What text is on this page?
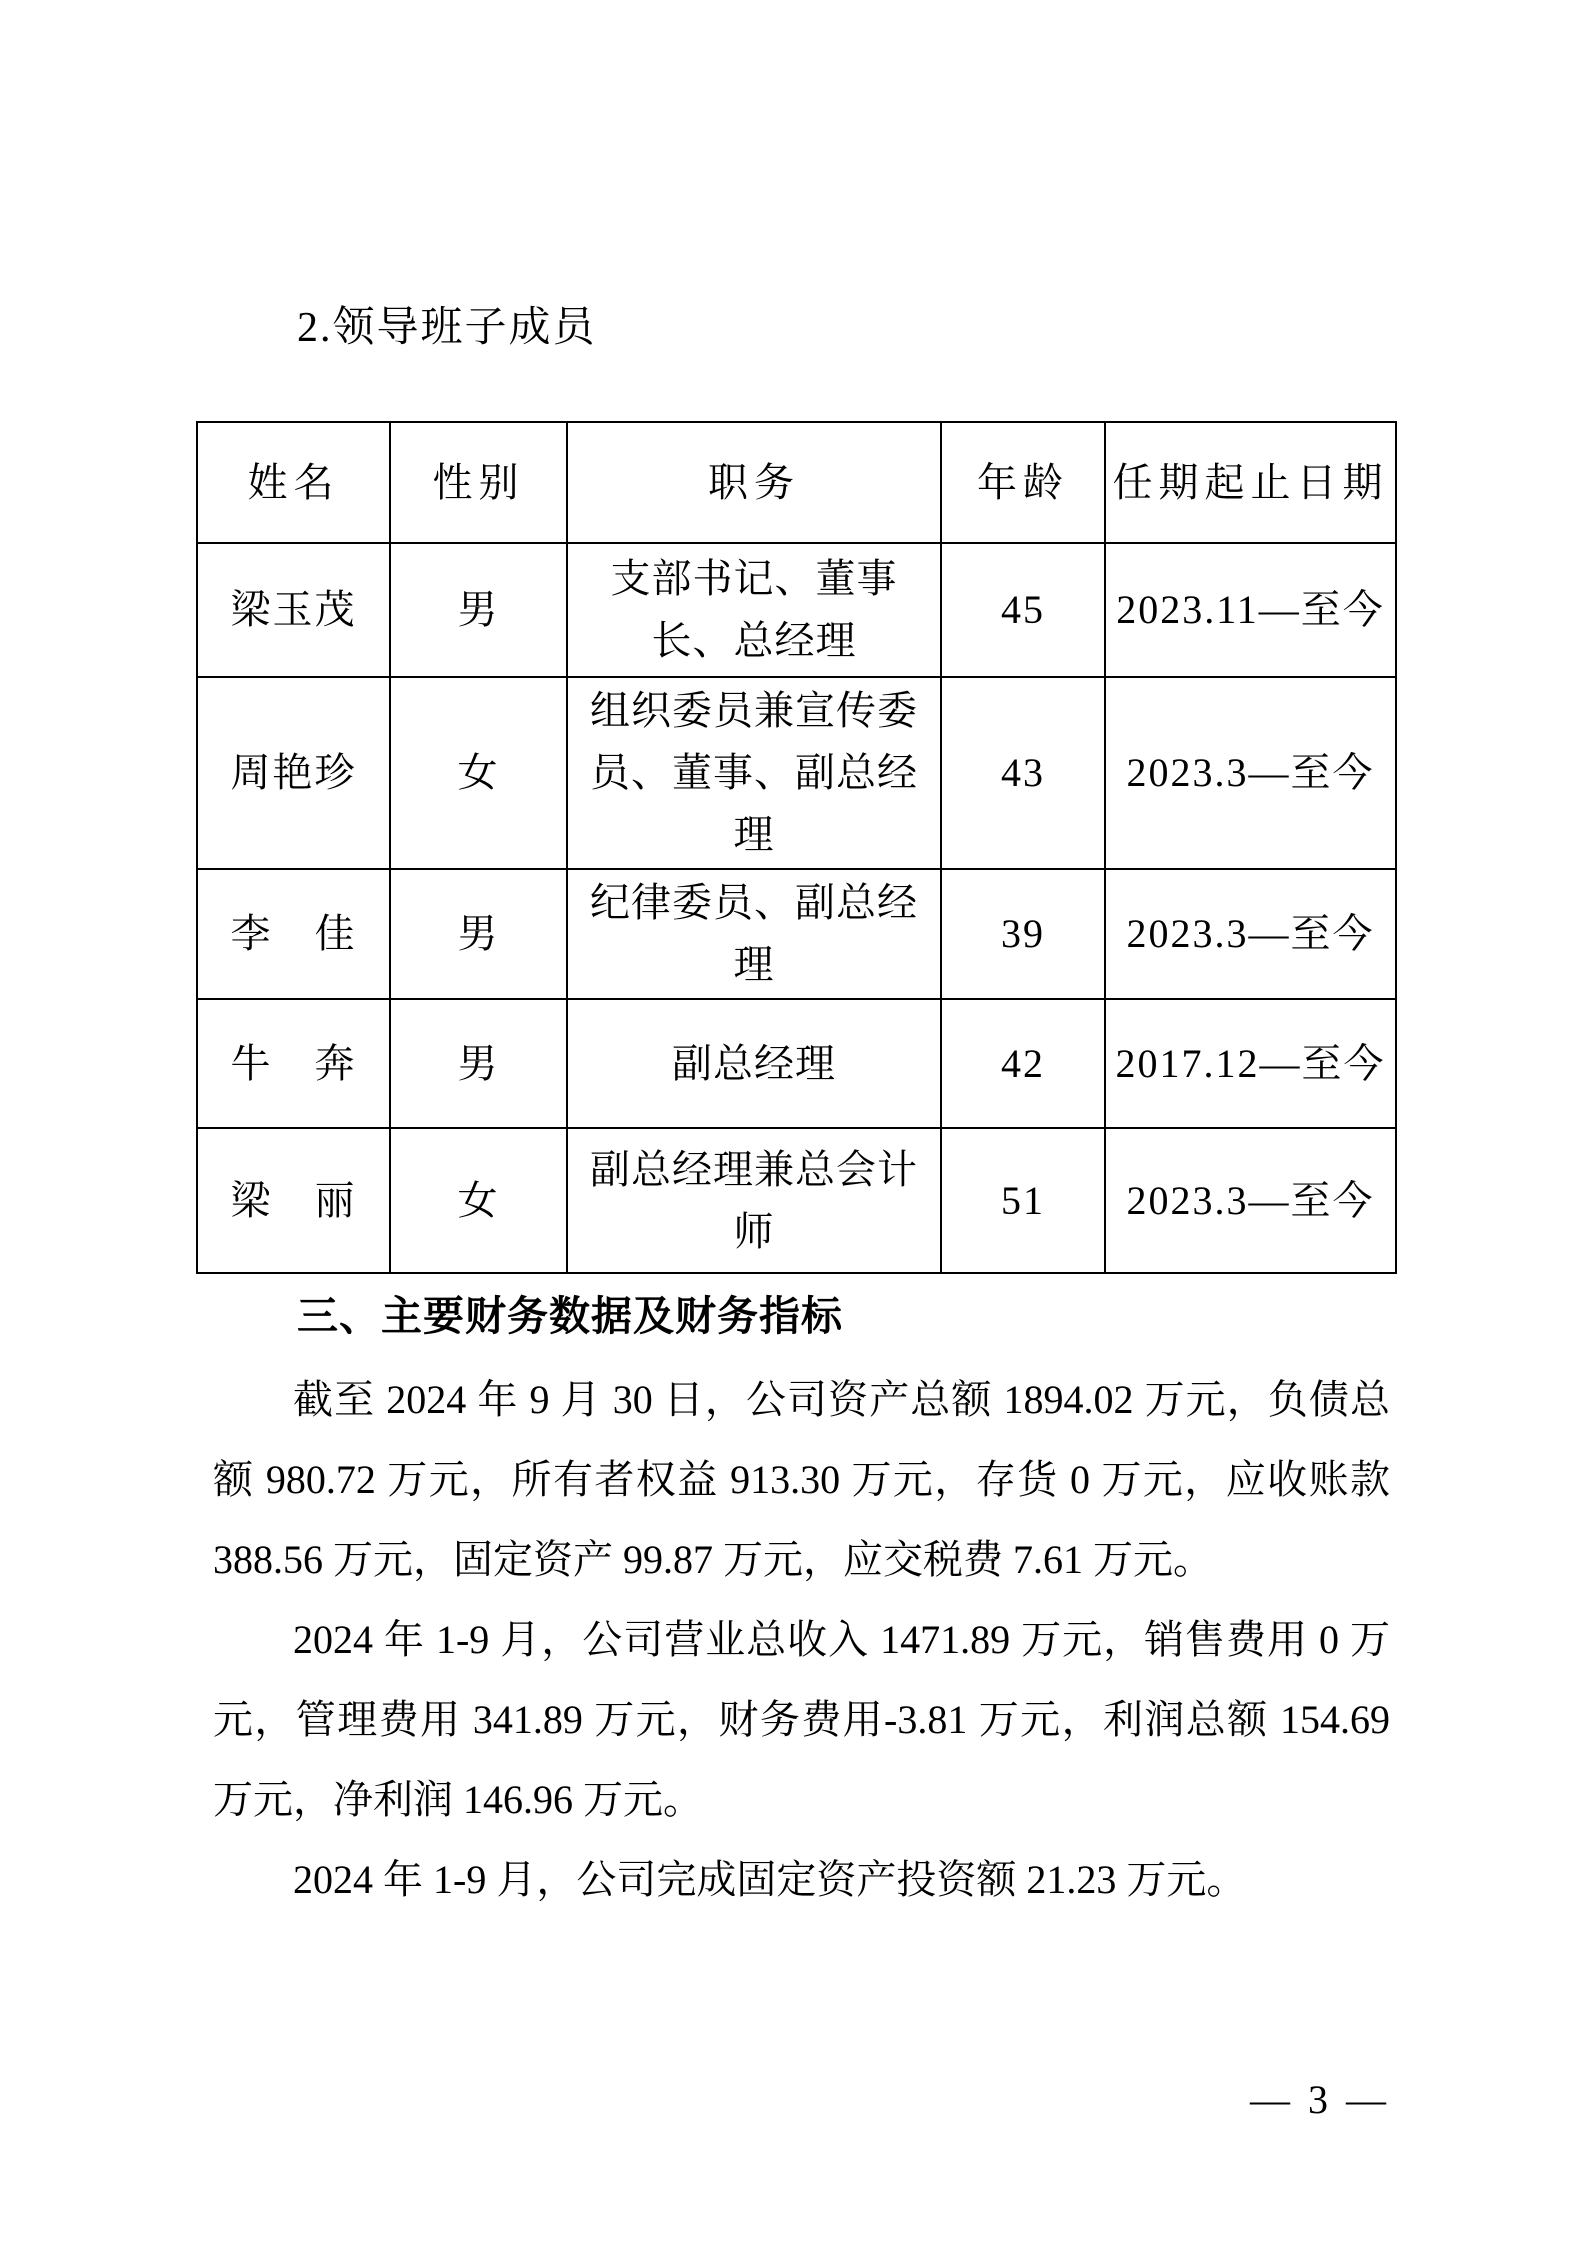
2.领导班子成员
姓名	性别	职务	年龄	任期起止日期
梁玉茂	男	支部书记、董事长、总经理	45	2023.11—至今
周艳珍	女	组织委员兼宣传委员、董事、副总经理	43	2023.3—至今
李　佳	男	纪律委员、副总经理	39	2023.3—至今
牛　奔	男	副总经理	42	2017.12—至今
梁　丽	女	副总经理兼总会计师	51	2023.3—至今
三、主要财务数据及财务指标

截至 2024 年 9 月 30 日，公司资产总额 1894.02 万元，负债总额 980.72 万元，所有者权益 913.30 万元，存货 0 万元，应收账款 388.56 万元，固定资产 99.87 万元，应交税费 7.61 万元。

2024 年 1-9 月，公司营业总收入 1471.89 万元，销售费用 0 万元，管理费用 341.89 万元，财务费用-3.81 万元，利润总额 154.69 万元，净利润 146.96 万元。

2024 年 1-9 月，公司完成固定资产投资额 21.23 万元。

— 3 —
